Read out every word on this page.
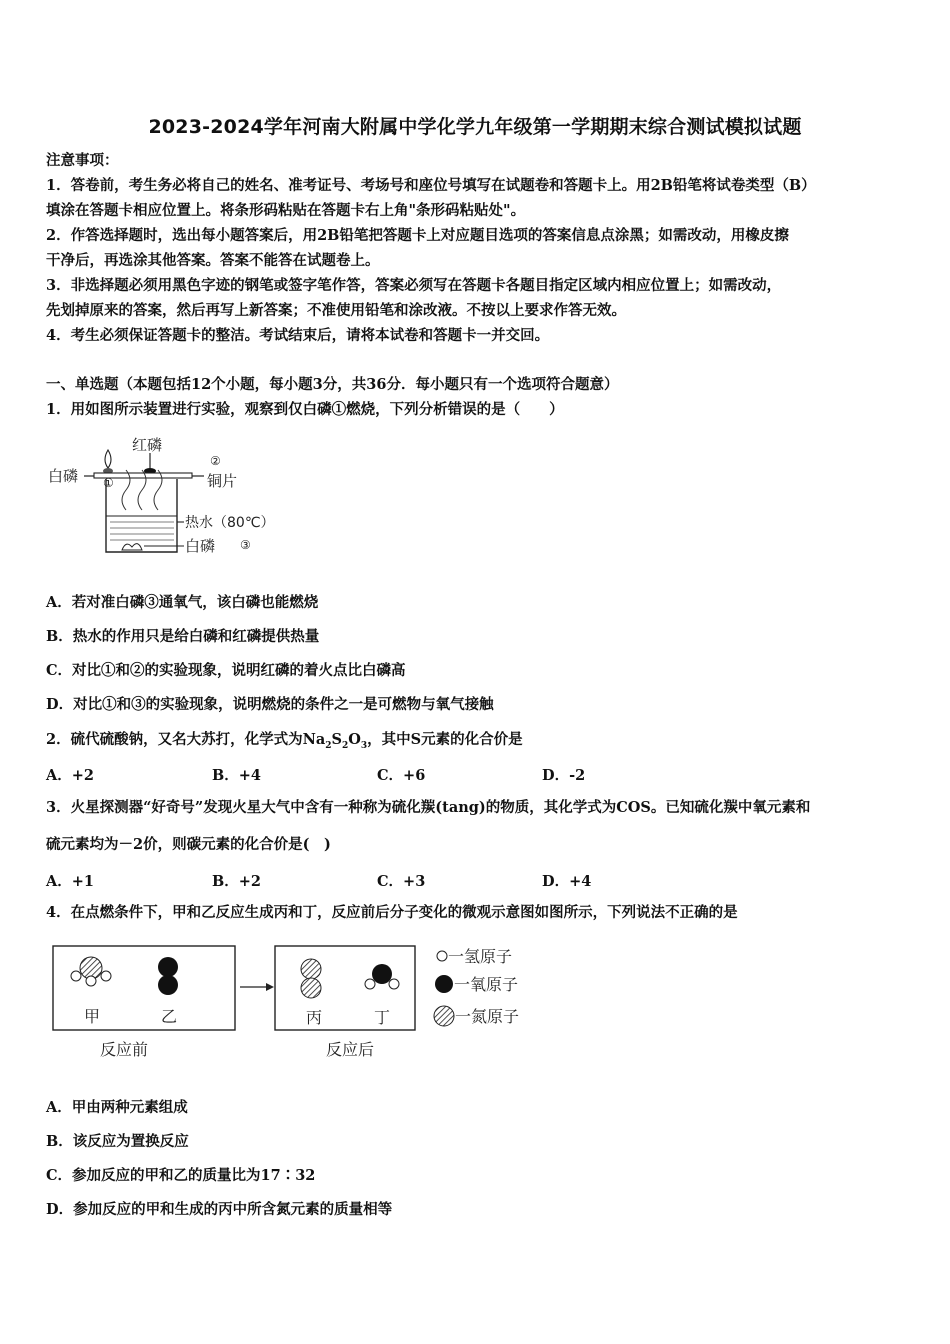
2023-2024学年河南大附属中学化学九年级第一学期期末综合测试模拟试题
注意事项：
1．答卷前，考生务必将自己的姓名、准考证号、考场号和座位号填写在试题卷和答题卡上。用2B铅笔将试卷类型（B）
填涂在答题卡相应位置上。将条形码粘贴在答题卡右上角"条形码粘贴处"。
2．作答选择题时，选出每小题答案后，用2B铅笔把答题卡上对应题目选项的答案信息点涂黑；如需改动，用橡皮擦
干净后，再选涂其他答案。答案不能答在试题卷上。
3．非选择题必须用黑色字迹的钢笔或签字笔作答，答案必须写在答题卡各题目指定区域内相应位置上；如需改动，
先划掉原来的答案，然后再写上新答案；不准使用铅笔和涂改液。不按以上要求作答无效。
4．考生必须保证答题卡的整洁。考试结束后，请将本试卷和答题卡一并交回。
一、单选题（本题包括12个小题，每小题3分，共36分．每小题只有一个选项符合题意）
1．用如图所示装置进行实验，观察到仅白磷①燃烧，下列分析错误的是（　　）
红磷
白磷 ①
②
铜片
热水（80℃）
白磷 ③
A．若对准白磷③通氧气，该白磷也能燃烧
B．热水的作用只是给白磷和红磷提供热量
C．对比①和②的实验现象，说明红磷的着火点比白磷高
D．对比①和③的实验现象，说明燃烧的条件之一是可燃物与氧气接触
2．硫代硫酸钠，又名大苏打，化学式为$Na_2S_2O_3$，其中S元素的化合价是
A．+2	B．+4	C．+6	D．-2
3．火星探测器“好奇号”发现火星大气中含有一种称为硫化羰(tang)的物质，其化学式为COS。已知硫化羰中氧元素和
硫元素均为－2价，则碳元素的化合价是(　)
A．+1	B．+2	C．+3	D．+4
4．在点燃条件下，甲和乙反应生成丙和丁，反应前后分子变化的微观示意图如图所示，下列说法不正确的是
甲	乙	丙	丁
反应前	反应后
一氢原子
一氧原子
一氮原子
A．甲由两种元素组成
B．该反应为置换反应
C．参加反应的甲和乙的质量比为17∶32
D．参加反应的甲和生成的丙中所含氮元素的质量相等
